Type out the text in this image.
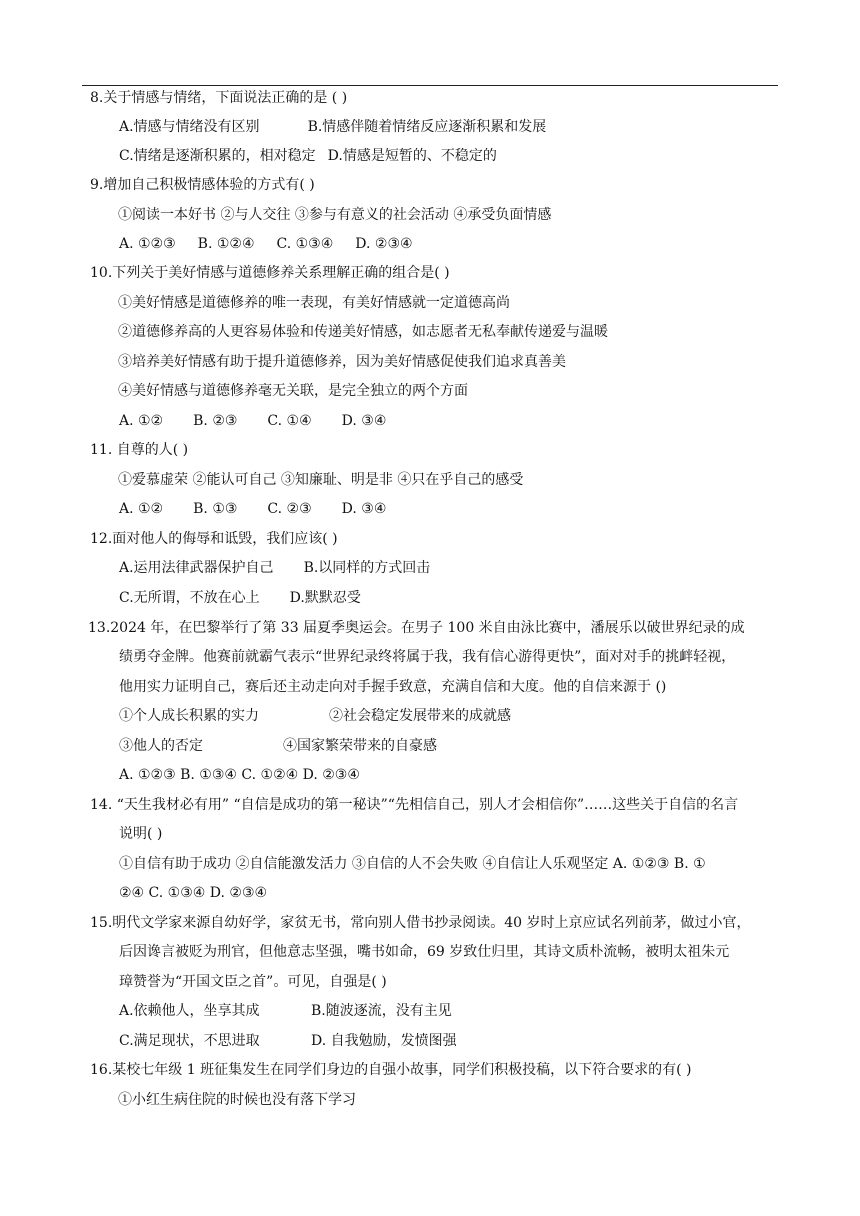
8.关于情感与情绪，下面说法正确的是 ( )
A.情感与情绪没有区别	B.情感伴随着情绪反应逐渐积累和发展
C.情绪是逐渐积累的，相对稳定 D.情感是短暂的、不稳定的
9.增加自己积极情感体验的方式有( )
①阅读一本好书 ②与人交往 ③参与有意义的社会活动 ④承受负面情感
A. ①②③ B. ①②④ C. ①③④ D. ②③④
10.下列关于美好情感与道德修养关系理解正确的组合是( )
①美好情感是道德修养的唯一表现，有美好情感就一定道德高尚
②道德修养高的人更容易体验和传递美好情感，如志愿者无私奉献传递爱与温暖
③培养美好情感有助于提升道德修养，因为美好情感促使我们追求真善美
④美好情感与道德修养毫无关联，是完全独立的两个方面
A. ①② B. ②③ C. ①④ D. ③④
11. 自尊的人( )
①爱慕虚荣 ②能认可自己 ③知廉耻、明是非 ④只在乎自己的感受
A. ①② B. ①③ C. ②③ D. ③④
12.面对他人的侮辱和诋毁，我们应该( )
A.运用法律武器保护自己 B.以同样的方式回击
C.无所谓，不放在心上 D.默默忍受
13.2024 年，在巴黎举行了第 33 届夏季奥运会。在男子 100 米自由泳比赛中，潘展乐以破世界纪录的成
绩勇夺金牌。他赛前就霸气表示“世界纪录终将属于我，我有信心游得更快”，面对对手的挑衅轻视，
他用实力证明自己，赛后还主动走向对手握手致意，充满自信和大度。他的自信来源于 ()
①个人成长积累的实力	②社会稳定发展带来的成就感
③他人的否定	④国家繁荣带来的自豪感
A. ①②③ B. ①③④ C. ①②④ D. ②③④
14. “天生我材必有用” “自信是成功的第一秘诀”“先相信自己，别人才会相信你”……这些关于自信的名言
说明( )
①自信有助于成功 ②自信能激发活力 ③自信的人不会失败 ④自信让人乐观坚定 A. ①②③ B. ①
②④ C. ①③④ D. ②③④
15.明代文学家来源自幼好学，家贫无书，常向别人借书抄录阅读。40 岁时上京应试名列前茅，做过小官，
后因谗言被贬为刑官，但他意志坚强，嘴书如命，69 岁致仕归里，其诗文质朴流畅，被明太祖朱元
璋赞誉为“开国文臣之首”。可见，自强是( )
A.依赖他人，坐享其成	B.随波逐流，没有主见
C.满足现状，不思进取	D. 自我勉励，发愤图强
16.某校七年级 1 班征集发生在同学们身边的自强小故事，同学们积极投稿，以下符合要求的有( )
①小红生病住院的时候也没有落下学习
